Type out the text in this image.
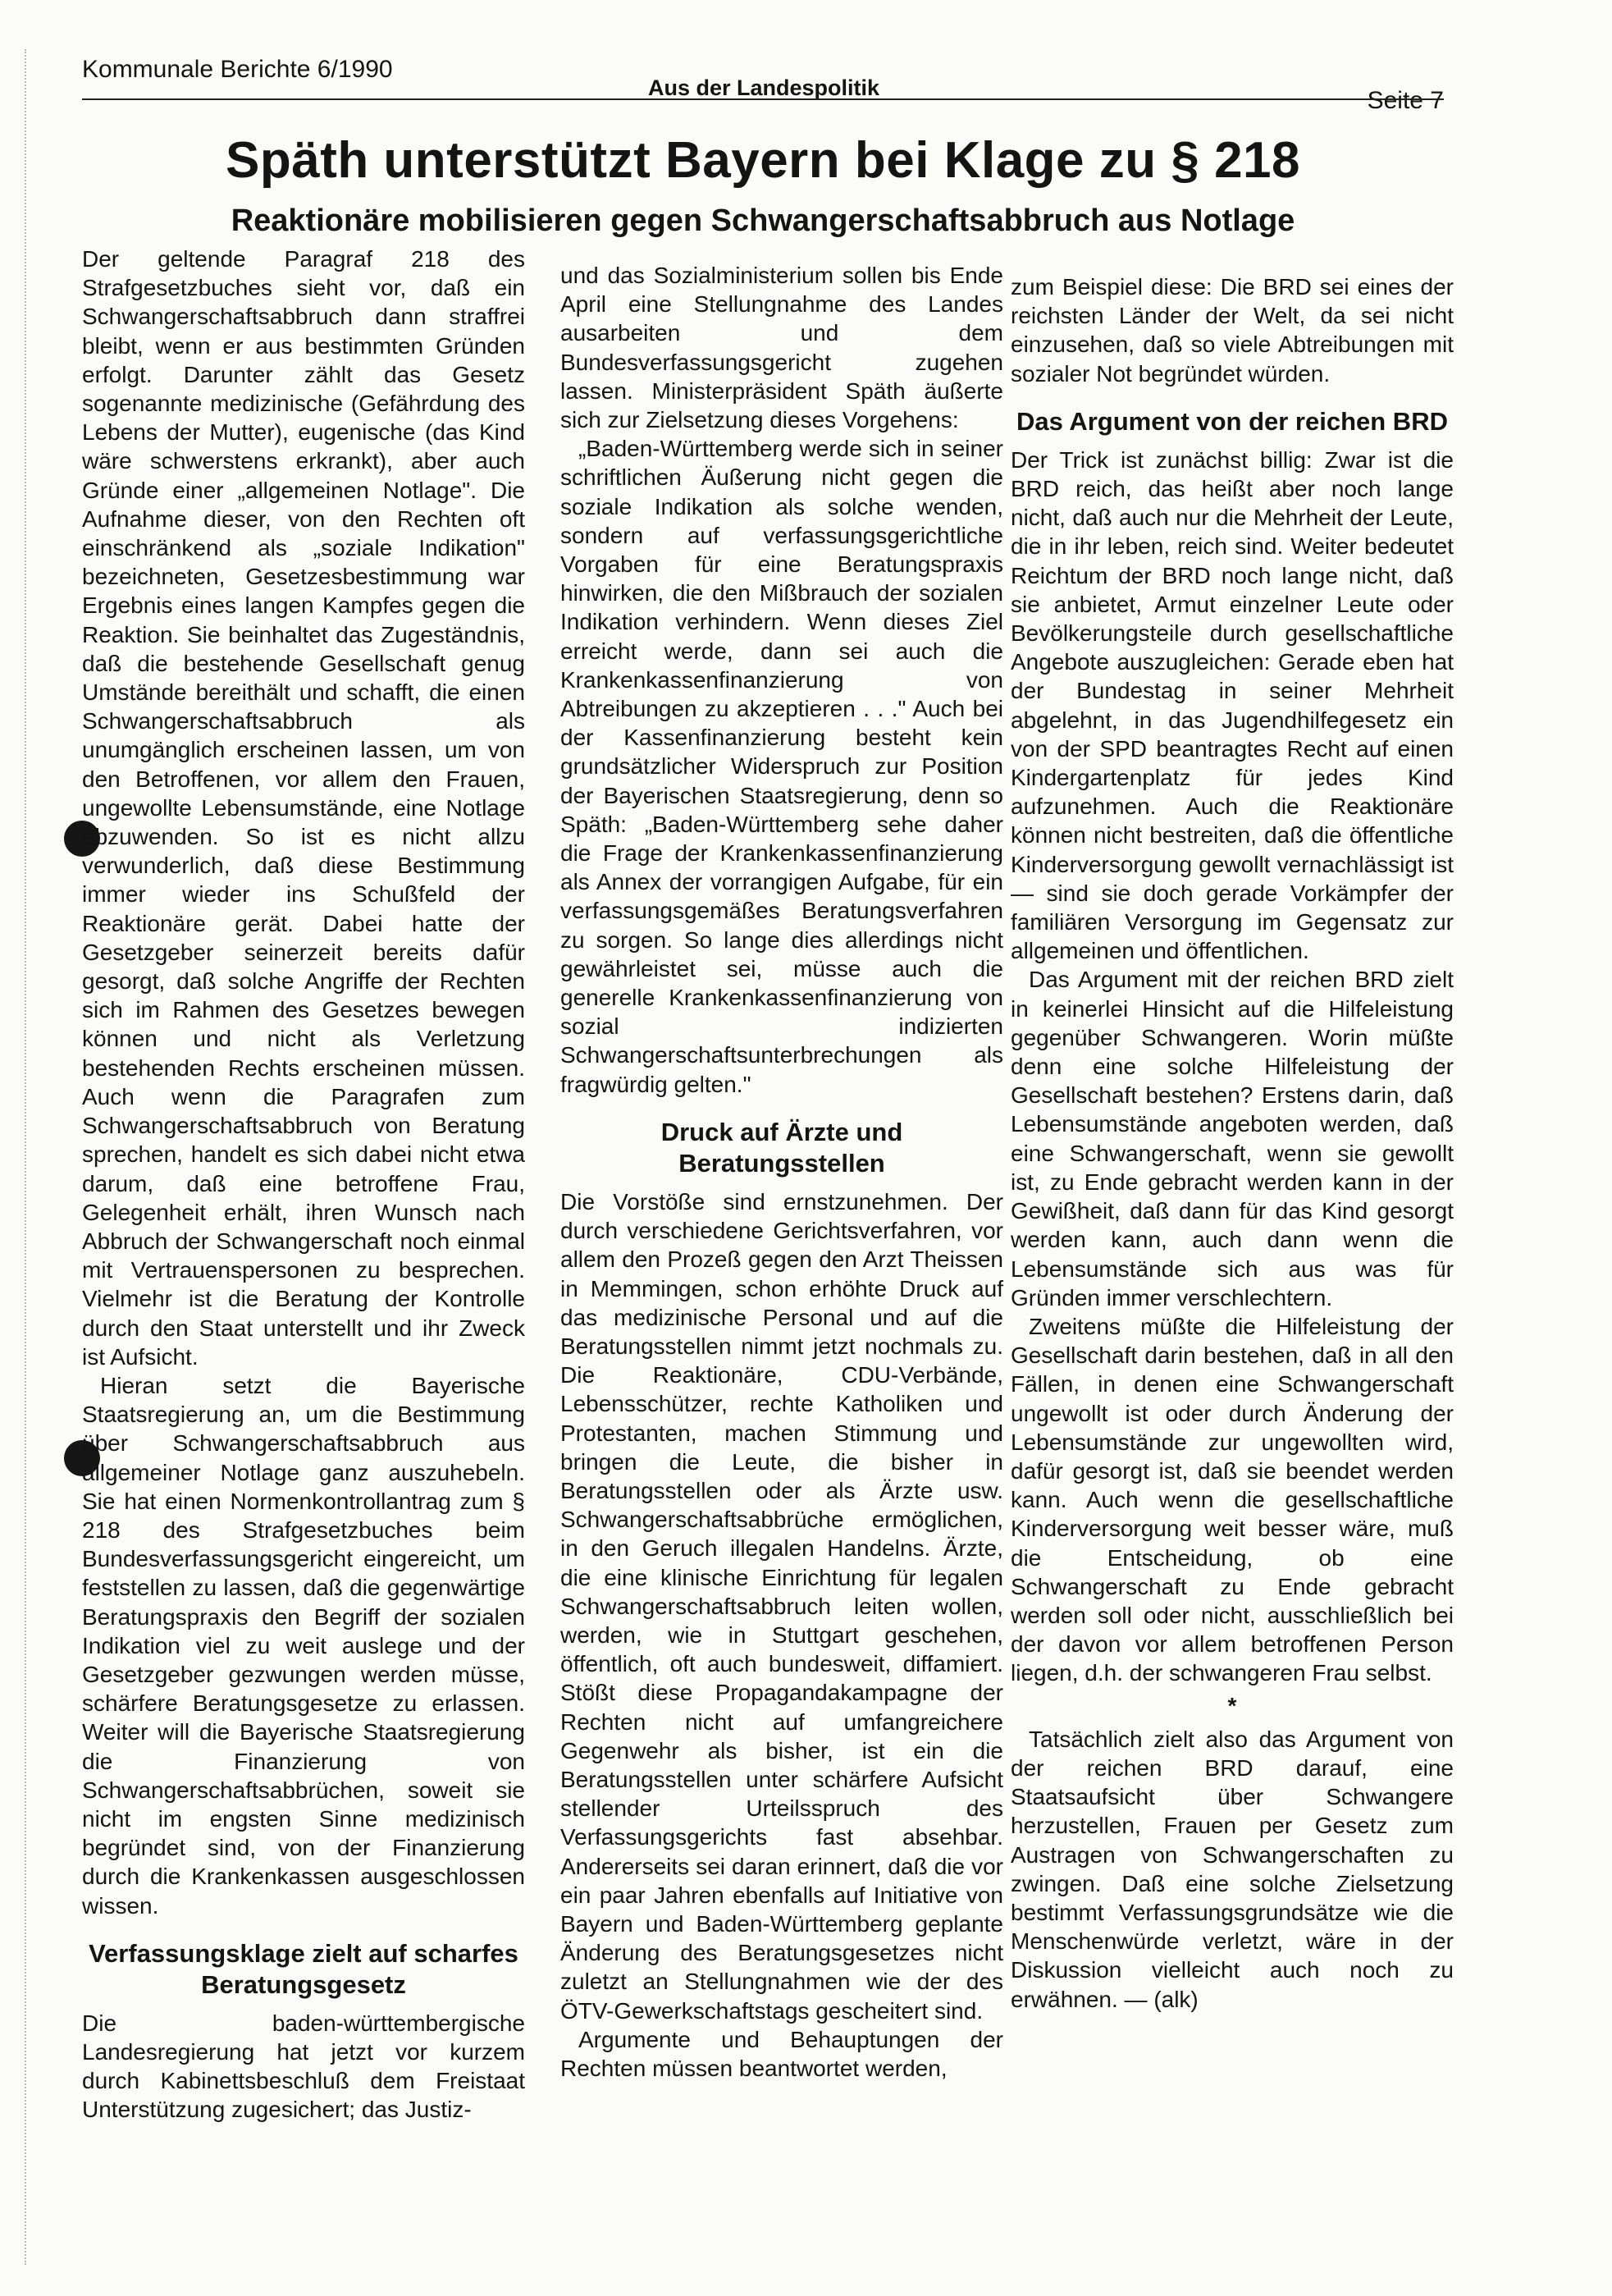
Kommunale Berichte 6/1990
Aus der Landespolitik	Seite 7
Späth unterstützt Bayern bei Klage zu § 218
Reaktionäre mobilisieren gegen Schwangerschaftsabbruch aus Notlage

Der geltende Paragraf 218 des Strafgesetzbuches sieht vor, daß ein Schwangerschaftsabbruch dann straffrei bleibt, wenn er aus bestimmten Gründen erfolgt. Darunter zählt das Gesetz sogenannte medizinische (Gefährdung des Lebens der Mutter), eugenische (das Kind wäre schwerstens erkrankt), aber auch Gründe einer „allgemeinen Notlage". Die Aufnahme dieser, von den Rechten oft einschränkend als „soziale Indikation" bezeichneten, Gesetzesbestimmung war Ergebnis eines langen Kampfes gegen die Reaktion. Sie beinhaltet das Zugeständnis, daß die bestehende Gesellschaft genug Umstände bereithält und schafft, die einen Schwangerschaftsabbruch als unumgänglich erscheinen lassen, um von den Betroffenen, vor allem den Frauen, ungewollte Lebensumstände, eine Notlage abzuwenden. So ist es nicht allzu verwunderlich, daß diese Bestimmung immer wieder ins Schußfeld der Reaktionäre gerät. Dabei hatte der Gesetzgeber seinerzeit bereits dafür gesorgt, daß solche Angriffe der Rechten sich im Rahmen des Gesetzes bewegen können und nicht als Verletzung bestehenden Rechts erscheinen müssen. Auch wenn die Paragrafen zum Schwangerschaftsabbruch von Beratung sprechen, handelt es sich dabei nicht etwa darum, daß eine betroffene Frau, Gelegenheit erhält, ihren Wunsch nach Abbruch der Schwangerschaft noch einmal mit Vertrauenspersonen zu besprechen. Vielmehr ist die Beratung der Kontrolle durch den Staat unterstellt und ihr Zweck ist Aufsicht.

Hieran setzt die Bayerische Staatsregierung an, um die Bestimmung über Schwangerschaftsabbruch aus allgemeiner Notlage ganz auszuhebeln. Sie hat einen Normenkontrollantrag zum § 218 des Strafgesetzbuches beim Bundesverfassungsgericht eingereicht, um feststellen zu lassen, daß die gegenwärtige Beratungspraxis den Begriff der sozialen Indikation viel zu weit auslege und der Gesetzgeber gezwungen werden müsse, schärfere Beratungsgesetze zu erlassen. Weiter will die Bayerische Staatsregierung die Finanzierung von Schwangerschaftsabbrüchen, soweit sie nicht im engsten Sinne medizinisch begründet sind, von der Finanzierung durch die Krankenkassen ausgeschlossen wissen.

Verfassungsklage zielt auf scharfes Beratungsgesetz

Die baden-württembergische Landesregierung hat jetzt vor kurzem durch Kabinettsbeschluß dem Freistaat Unterstützung zugesichert; das Justiz-

und das Sozialministerium sollen bis Ende April eine Stellungnahme des Landes ausarbeiten und dem Bundesverfassungsgericht zugehen lassen. Ministerpräsident Späth äußerte sich zur Zielsetzung dieses Vorgehens:

„Baden-Württemberg werde sich in seiner schriftlichen Äußerung nicht gegen die soziale Indikation als solche wenden, sondern auf verfassungsgerichtliche Vorgaben für eine Beratungspraxis hinwirken, die den Mißbrauch der sozialen Indikation verhindern. Wenn dieses Ziel erreicht werde, dann sei auch die Krankenkassenfinanzierung von Abtreibungen zu akzeptieren . . ." Auch bei der Kassenfinanzierung besteht kein grundsätzlicher Widerspruch zur Position der Bayerischen Staatsregierung, denn so Späth: „Baden-Württemberg sehe daher die Frage der Krankenkassenfinanzierung als Annex der vorrangigen Aufgabe, für ein verfassungsgemäßes Beratungsverfahren zu sorgen. So lange dies allerdings nicht gewährleistet sei, müsse auch die generelle Krankenkassenfinanzierung von sozial indizierten Schwangerschaftsunterbrechungen als fragwürdig gelten."

Druck auf Ärzte und Beratungsstellen

Die Vorstöße sind ernstzunehmen. Der durch verschiedene Gerichtsverfahren, vor allem den Prozeß gegen den Arzt Theissen in Memmingen, schon erhöhte Druck auf das medizinische Personal und auf die Beratungsstellen nimmt jetzt nochmals zu. Die Reaktionäre, CDU-Verbände, Lebensschützer, rechte Katholiken und Protestanten, machen Stimmung und bringen die Leute, die bisher in Beratungsstellen oder als Ärzte usw. Schwangerschaftsabbrüche ermöglichen, in den Geruch illegalen Handelns. Ärzte, die eine klinische Einrichtung für legalen Schwangerschaftsabbruch leiten wollen, werden, wie in Stuttgart geschehen, öffentlich, oft auch bundesweit, diffamiert. Stößt diese Propagandakampagne der Rechten nicht auf umfangreichere Gegenwehr als bisher, ist ein die Beratungsstellen unter schärfere Aufsicht stellender Urteilsspruch des Verfassungsgerichts fast absehbar. Andererseits sei daran erinnert, daß die vor ein paar Jahren ebenfalls auf Initiative von Bayern und Baden-Württemberg geplante Änderung des Beratungsgesetzes nicht zuletzt an Stellungnahmen wie der des ÖTV-Gewerkschaftstags gescheitert sind.

Argumente und Behauptungen der Rechten müssen beantwortet werden,

zum Beispiel diese: Die BRD sei eines der reichsten Länder der Welt, da sei nicht einzusehen, daß so viele Abtreibungen mit sozialer Not begründet würden.

Das Argument von der reichen BRD

Der Trick ist zunächst billig: Zwar ist die BRD reich, das heißt aber noch lange nicht, daß auch nur die Mehrheit der Leute, die in ihr leben, reich sind. Weiter bedeutet Reichtum der BRD noch lange nicht, daß sie anbietet, Armut einzelner Leute oder Bevölkerungsteile durch gesellschaftliche Angebote auszugleichen: Gerade eben hat der Bundestag in seiner Mehrheit abgelehnt, in das Jugendhilfegesetz ein von der SPD beantragtes Recht auf einen Kindergartenplatz für jedes Kind aufzunehmen. Auch die Reaktionäre können nicht bestreiten, daß die öffentliche Kinderversorgung gewollt vernachlässigt ist — sind sie doch gerade Vorkämpfer der familiären Versorgung im Gegensatz zur allgemeinen und öffentlichen.

Das Argument mit der reichen BRD zielt in keinerlei Hinsicht auf die Hilfeleistung gegenüber Schwangeren. Worin müßte denn eine solche Hilfeleistung der Gesellschaft bestehen? Erstens darin, daß Lebensumstände angeboten werden, daß eine Schwangerschaft, wenn sie gewollt ist, zu Ende gebracht werden kann in der Gewißheit, daß dann für das Kind gesorgt werden kann, auch dann wenn die Lebensumstände sich aus was für Gründen immer verschlechtern.

Zweitens müßte die Hilfeleistung der Gesellschaft darin bestehen, daß in all den Fällen, in denen eine Schwangerschaft ungewollt ist oder durch Änderung der Lebensumstände zur ungewollten wird, dafür gesorgt ist, daß sie beendet werden kann. Auch wenn die gesellschaftliche Kinderversorgung weit besser wäre, muß die Entscheidung, ob eine Schwangerschaft zu Ende gebracht werden soll oder nicht, ausschließlich bei der davon vor allem betroffenen Person liegen, d.h. der schwangeren Frau selbst.

*

Tatsächlich zielt also das Argument von der reichen BRD darauf, eine Staatsaufsicht über Schwangere herzustellen, Frauen per Gesetz zum Austragen von Schwangerschaften zu zwingen. Daß eine solche Zielsetzung bestimmt Verfassungsgrundsätze wie die Menschenwürde verletzt, wäre in der Diskussion vielleicht auch noch zu erwähnen. — (alk)
